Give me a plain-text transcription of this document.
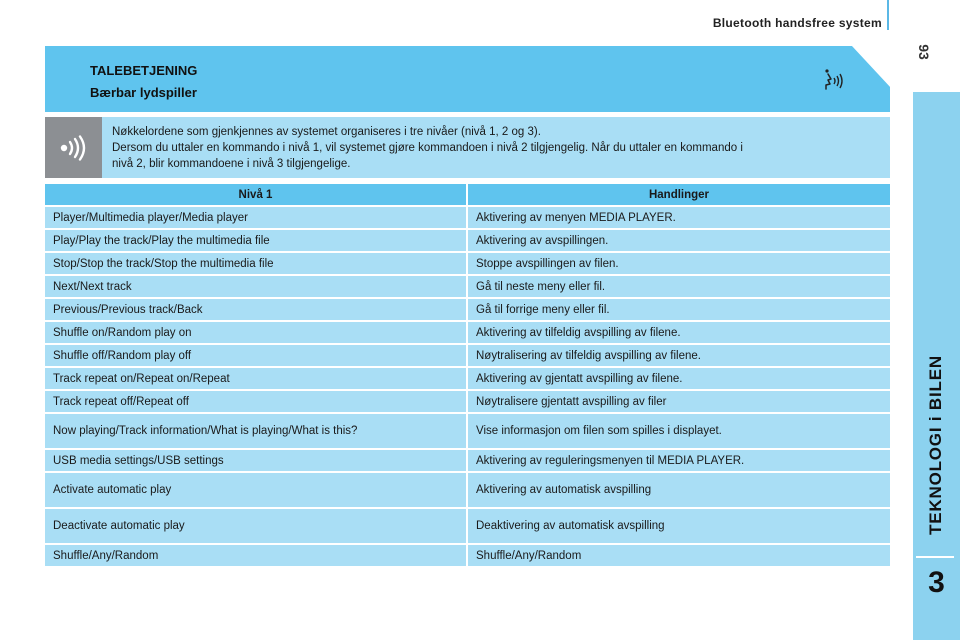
Bluetooth handsfree system
93
TEKNOLOGI i BILEN
3
TALEBETJENING
Bærbar lydspiller

Nøkkelordene som gjenkjennes av systemet organiseres i tre nivåer (nivå 1, 2 og 3).

Dersom du uttaler en kommando i nivå 1, vil systemet gjøre kommandoen i nivå 2 tilgjengelig. Når du uttaler en kommando i

nivå 2, blir kommandoene i nivå 3 tilgjengelige.

Nivå 1	Handlinger
Player/Multimedia player/Media player	Aktivering av menyen MEDIA PLAYER.
Play/Play the track/Play the multimedia file	Aktivering av avspillingen.
Stop/Stop the track/Stop the multimedia file	Stoppe avspillingen av filen.
Next/Next track	Gå til neste meny eller fil.
Previous/Previous track/Back	Gå til forrige meny eller fil.
Shuffle on/Random play on	Aktivering av tilfeldig avspilling av filene.
Shuffle off/Random play off	Nøytralisering av tilfeldig avspilling av filene.
Track repeat on/Repeat on/Repeat	Aktivering av gjentatt avspilling av filene.
Track repeat off/Repeat off	Nøytralisere gjentatt avspilling av filer
Now playing/Track information/What is playing/What is this?	Vise informasjon om filen som spilles i displayet.
USB media settings/USB settings	Aktivering av reguleringsmenyen til MEDIA PLAYER.
Activate automatic play	Aktivering av automatisk avspilling
Deactivate automatic play	Deaktivering av automatisk avspilling
Shuffle/Any/Random	Shuffle/Any/Random
